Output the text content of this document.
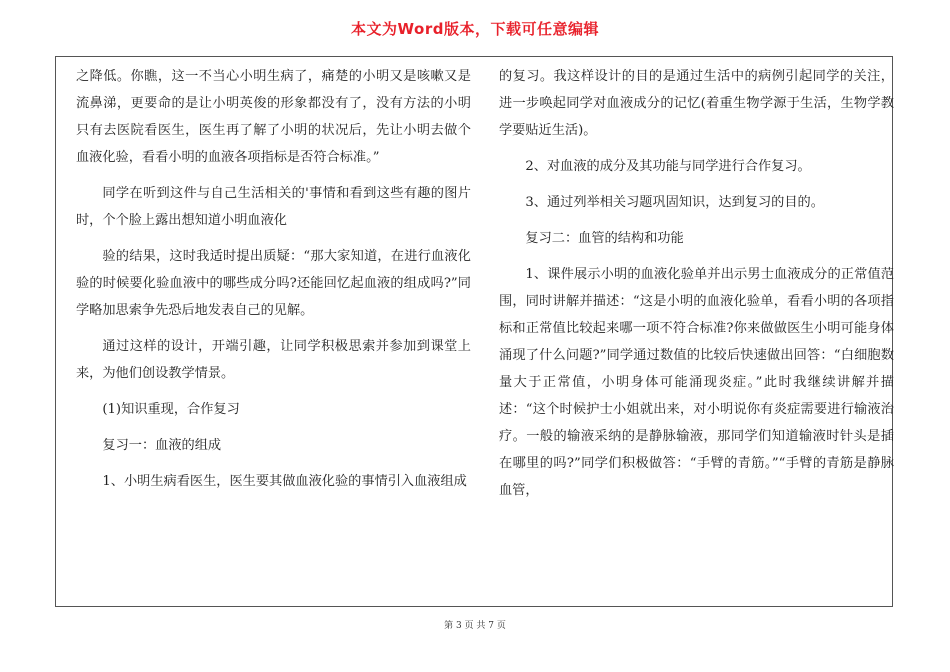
本文为Word版本，下载可任意编辑

之降低。你瞧，这一不当心小明生病了，痛楚的小明又是咳嗽又是流鼻涕，更要命的是让小明英俊的形象都没有了，没有方法的小明只有去医院看医生，医生再了解了小明的状况后，先让小明去做个血液化验，看看小明的血液各项指标是否符合标准。”

同学在听到这件与自己生活相关的'事情和看到这些有趣的图片时，个个脸上露出想知道小明血液化

验的结果，这时我适时提出质疑：“那大家知道，在进行血液化验的时候要化验血液中的哪些成分吗?还能回忆起血液的组成吗?”同学略加思索争先恐后地发表自己的见解。

通过这样的设计，开端引趣，让同学积极思索并参加到课堂上来，为他们创设教学情景。

(1)知识重现，合作复习

复习一：血液的组成

1、小明生病看医生，医生要其做血液化验的事情引入血液组成

的复习。我这样设计的目的是通过生活中的病例引起同学的关注，进一步唤起同学对血液成分的记忆(着重生物学源于生活，生物学教学要贴近生活)。

2、对血液的成分及其功能与同学进行合作复习。

3、通过列举相关习题巩固知识，达到复习的目的。

复习二：血管的结构和功能

1、课件展示小明的血液化验单并出示男士血液成分的正常值范围，同时讲解并描述：“这是小明的血液化验单，看看小明的各项指标和正常值比较起来哪一项不符合标准?你来做做医生小明可能身体涌现了什么问题?”同学通过数值的比较后快速做出回答：“白细胞数量大于正常值，小明身体可能涌现炎症。”此时我继续讲解并描述：“这个时候护士小姐就出来，对小明说你有炎症需要进行输液治疗。一般的输液采纳的是静脉输液，那同学们知道输液时针头是插在哪里的吗?”同学们积极做答：“手臂的青筋。”“手臂的青筋是静脉血管，

第 3 页 共 7 页
